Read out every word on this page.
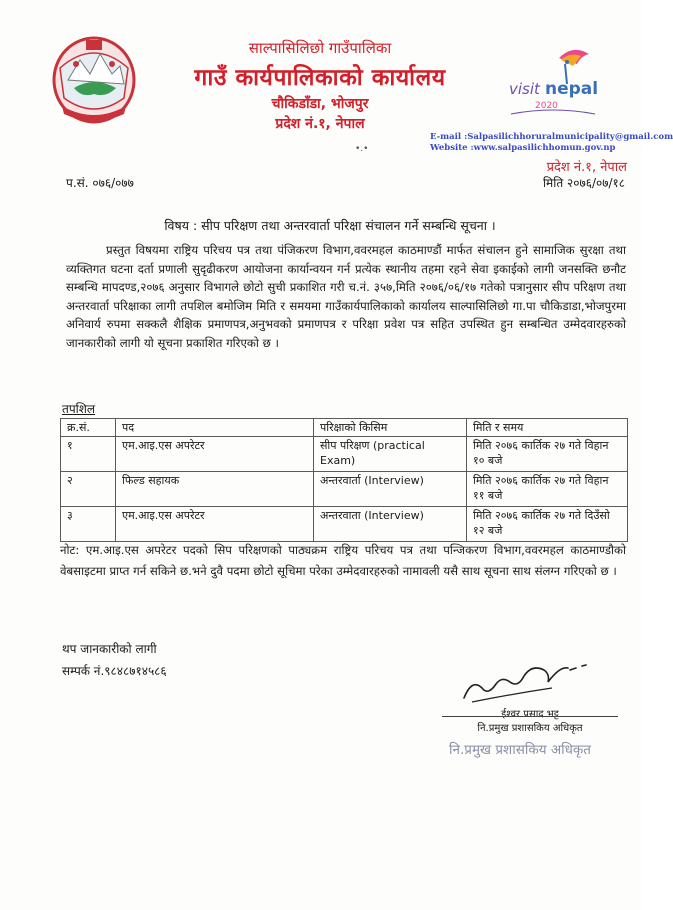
साल्पासिलिछो गाउँपालिका
गाउँ कार्यपालिकाको कार्यालय
चौकिडाँडा, भोजपुर
प्रदेश नं.१, नेपाल
visit nepal
2020
•.•
E-mail :Salpasilichhoruralmunicipality@gmail.com
Website :www.salpasilichhomun.gov.np
प्रदेश नं.१, नेपाल
प.सं. ०७६/०७७	मिति २०७६/०७/१८
विषय : सीप परिक्षण तथा अन्तरवार्ता परिक्षा संचालन गर्ने सम्बन्धि सूचना ।
प्रस्तुत विषयमा राष्ट्रिय परिचय पत्र तथा पंजिकरण विभाग,ववरमहल काठमाण्डौं मार्फत संचालन हुने सामाजिक सुरक्षा तथा व्यक्तिगत घटना दर्ता प्रणाली सुदृढीकरण आयोजना कार्यान्वयन गर्न प्रत्येक स्थानीय तहमा रहने सेवा इकाईको लागी जनसक्ति छनौट सम्बन्धि मापदण्ड,२०७६ अनुसार विभागले छोटो सुची प्रकाशित गरी च.नं. ३५७,मिति २०७६/०६/१७ गतेको पत्रानुसार सीप परिक्षण तथा अन्तरवार्ता परिक्षाका लागी तपशिल बमोजिम मिति र समयमा गाउँकार्यपालिकाको कार्यालय साल्पासिलिछो गा.पा चौकिडाडा,भोजपुरमा अनिवार्य रुपमा सक्कलै शैक्षिक प्रमाणपत्र,अनुभवको प्रमाणपत्र र परिक्षा प्रवेश पत्र सहित उपस्थित हुन सम्बन्धित उम्मेदवारहरुको जानकारीको लागी यो सूचना प्रकाशित गरिएको छ ।
तपशिल
क्र.सं.	पद	परिक्षाको किसिम	मिति र समय
१	एम.आइ.एस अपरेटर	सीप परिक्षण (practical Exam)	मिति २०७६ कार्तिक २७ गते विहान १० बजे
२	फिल्ड सहायक	अन्तरवार्ता (Interview)	मिति २०७६ कार्तिक २७ गते विहान ११ बजे
३	एम.आइ.एस अपरेटर	अन्तरवाता (Interview)	मिति २०७६ कार्तिक २७ गते दिउँसो १२ बजे
नोट: एम.आइ.एस अपरेटर पदको सिप परिक्षणको पाठ्यक्रम राष्ट्रिय परिचय पत्र तथा पन्जिकरण विभाग,ववरमहल काठमाण्डौको वेबसाइटमा प्राप्त गर्न सकिने छ.भने दुवै पदमा छोटो सूचिमा परेका उम्मेदवारहरुको नामावली यसै साथ सूचना साथ संलग्न गरिएको छ ।
थप जानकारीको लागी
सम्पर्क नं.९८४८७१४५८६
ईश्वर प्रसाद भट्ट
नि.प्रमुख प्रशासकिय अधिकृत
नि.प्रमुख प्रशासकिय अधिकृत
